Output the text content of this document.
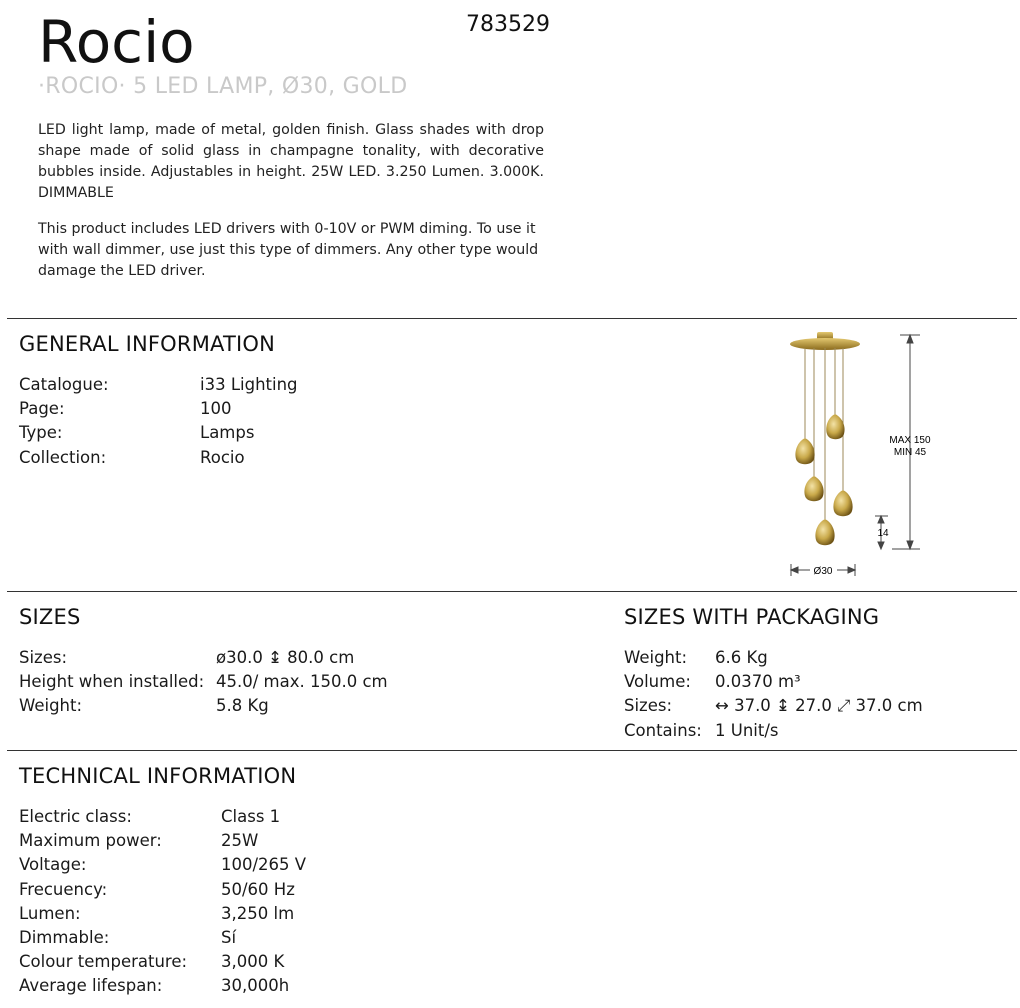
Rocio	783529
·ROCIO· 5 LED LAMP, Ø30, GOLD

LED light lamp, made of metal, golden finish. Glass shades with drop shape made of solid glass in champagne tonality, with decorative bubbles inside. Adjustables in height. 25W LED. 3.250 Lumen. 3.000K. DIMMABLE

This product includes LED drivers with 0-10V or PWM diming. To use it with wall dimmer, use just this type of dimmers. Any other type would damage the LED driver.

GENERAL INFORMATION
Catalogue:	i33 Lighting
Page:	100
Type:	Lamps
Collection:	Rocio
MAX 150
MIN 45
14
Ø30
SIZES
Sizes:	ø30.0 ↨ 80.0 cm
Height when installed: 45.0/ max. 150.0 cm
Weight:	5.8 Kg
SIZES WITH PACKAGING
Weight:	6.6 Kg
Volume:	0.0370 m³
Sizes:	↔ 37.0 ↨ 27.0 ⤢ 37.0 cm
Contains: 1 Unit/s
TECHNICAL INFORMATION
Electric class:	Class 1
Maximum power:	25W
Voltage:	100/265 V
Frecuency:	50/60 Hz
Lumen:	3,250 lm
Dimmable:	Sí
Colour temperature:	3,000 K
Average lifespan:	30,000h
